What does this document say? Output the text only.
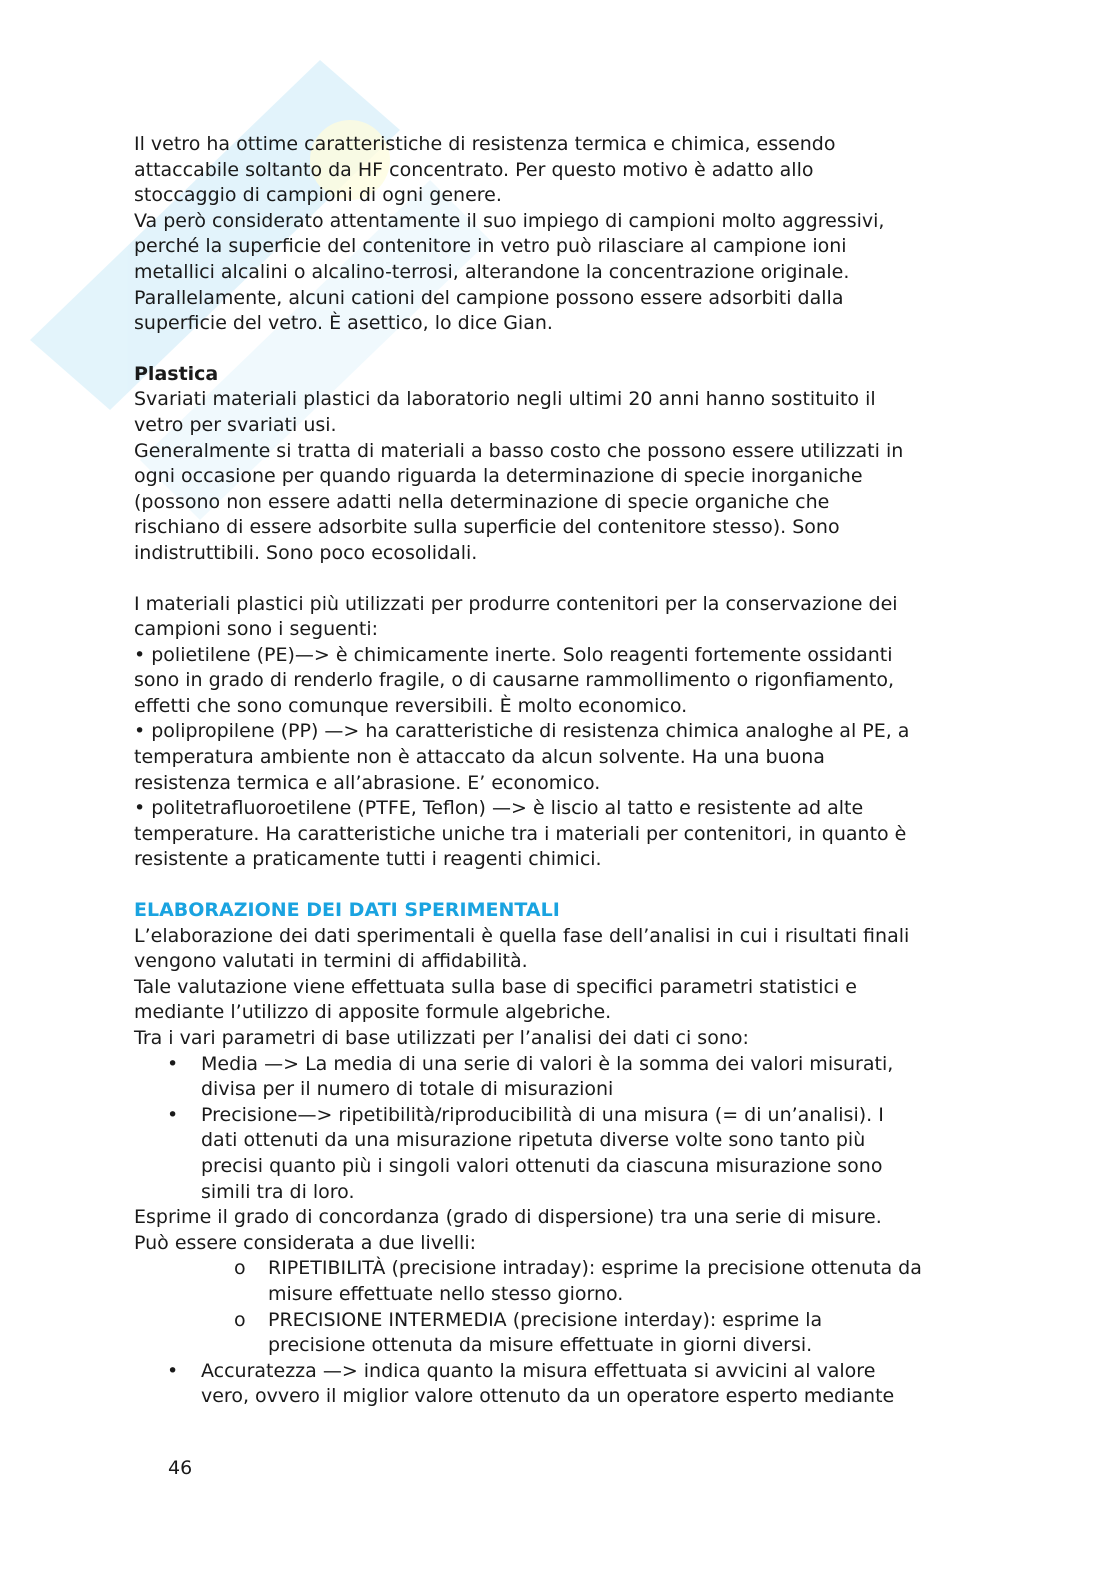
Il vetro ha ottime caratteristiche di resistenza termica e chimica, essendo

attaccabile soltanto da HF concentrato. Per questo motivo è adatto allo

stoccaggio di campioni di ogni genere.

Va però considerato attentamente il suo impiego di campioni molto aggressivi,

perché la superficie del contenitore in vetro può rilasciare al campione ioni

metallici alcalini o alcalino-terrosi, alterandone la concentrazione originale.

Parallelamente, alcuni cationi del campione possono essere adsorbiti dalla

superficie del vetro. È asettico, lo dice Gian.

Plastica

Svariati materiali plastici da laboratorio negli ultimi 20 anni hanno sostituito il

vetro per svariati usi.

Generalmente si tratta di materiali a basso costo che possono essere utilizzati in

ogni occasione per quando riguarda la determinazione di specie inorganiche

(possono non essere adatti nella determinazione di specie organiche che

rischiano di essere adsorbite sulla superficie del contenitore stesso). Sono

indistruttibili. Sono poco ecosolidali.

I materiali plastici più utilizzati per produrre contenitori per la conservazione dei

campioni sono i seguenti:

• polietilene (PE)—> è chimicamente inerte. Solo reagenti fortemente ossidanti

sono in grado di renderlo fragile, o di causarne rammollimento o rigonfiamento,

effetti che sono comunque reversibili. È molto economico.

• polipropilene (PP) —> ha caratteristiche di resistenza chimica analoghe al PE, a

temperatura ambiente non è attaccato da alcun solvente. Ha una buona

resistenza termica e all’abrasione. E’ economico.

• politetrafluoroetilene (PTFE, Teflon) —> è liscio al tatto e resistente ad alte

temperature. Ha caratteristiche uniche tra i materiali per contenitori, in quanto è

resistente a praticamente tutti i reagenti chimici.

ELABORAZIONE DEI DATI SPERIMENTALI

L’elaborazione dei dati sperimentali è quella fase dell’analisi in cui i risultati finali

vengono valutati in termini di affidabilità.

Tale valutazione viene effettuata sulla base di specifici parametri statistici e

mediante l’utilizzo di apposite formule algebriche.

Tra i vari parametri di base utilizzati per l’analisi dei dati ci sono:

• Media —> La media di una serie di valori è la somma dei valori misurati,

divisa per il numero di totale di misurazioni

• Precisione—> ripetibilità/riproducibilità di una misura (= di un’analisi). I

dati ottenuti da una misurazione ripetuta diverse volte sono tanto più

precisi quanto più i singoli valori ottenuti da ciascuna misurazione sono

simili tra di loro.

Esprime il grado di concordanza (grado di dispersione) tra una serie di misure.

Può essere considerata a due livelli:

o RIPETIBILITÀ (precisione intraday): esprime la precisione ottenuta da

misure effettuate nello stesso giorno.

o PRECISIONE INTERMEDIA (precisione interday): esprime la

precisione ottenuta da misure effettuate in giorni diversi.

• Accuratezza —> indica quanto la misura effettuata si avvicini al valore

vero, ovvero il miglior valore ottenuto da un operatore esperto mediante

46
